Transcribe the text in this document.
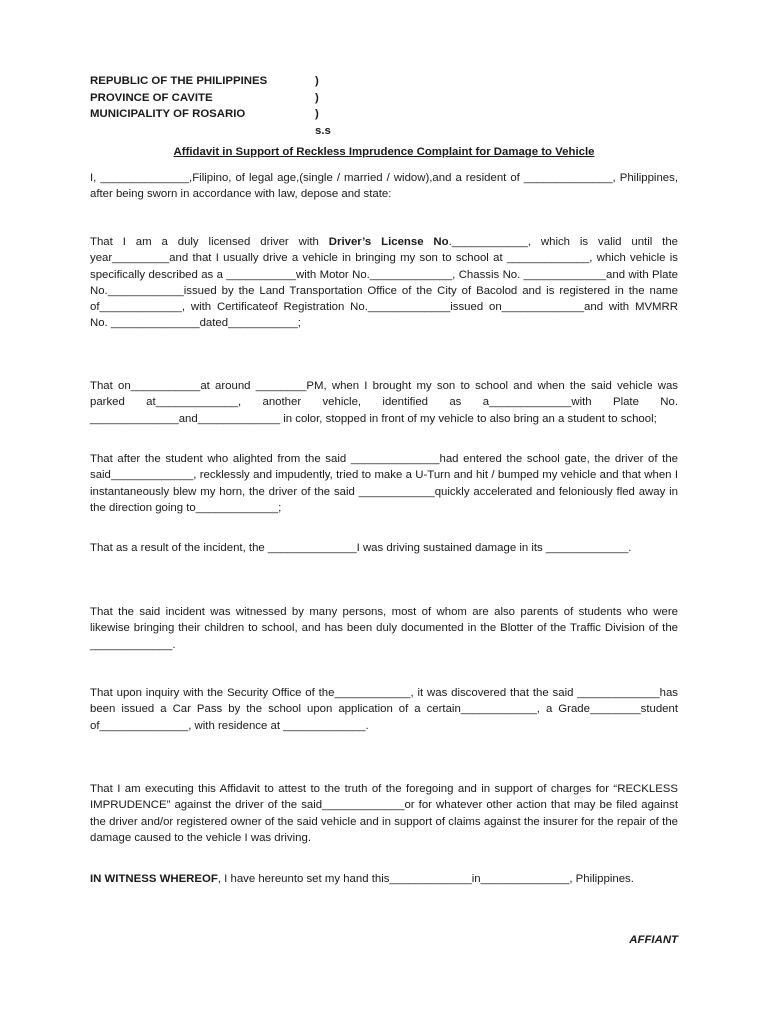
REPUBLIC OF THE PHILIPPINES	)
PROVINCE OF CAVITE	)
MUNICIPALITY OF ROSARIO	) s.s
Affidavit in Support of Reckless Imprudence Complaint for Damage to Vehicle

I, ______________,Filipino, of legal age,(single / married / widow),and a resident of ______________, Philippines, after being sworn in accordance with law, depose and state:

That I am a duly licensed driver with Driver’s License No.____________, which is valid until the year_________and that I usually drive a vehicle in bringing my son to school at _____________, which vehicle is specifically described as a ___________with Motor No._____________, Chassis No. _____________and with Plate No.____________issued by the Land Transportation Office of the City of Bacolod and is registered in the name of_____________, with Certificateof Registration No._____________issued on_____________and with MVMRR No. ______________dated___________;

That on___________at around ________PM, when I brought my son to school and when the said vehicle was parked at_____________, another vehicle, identified as a_____________with Plate No. ______________and_____________ in color, stopped in front of my vehicle to also bring an a student to school;

That after the student who alighted from the said ______________had entered the school gate, the driver of the said_____________, recklessly and impudently, tried to make a U-Turn and hit / bumped my vehicle and that when I instantaneously blew my horn, the driver of the said ____________quickly accelerated and feloniously fled away in the direction going to_____________;

That as a result of the incident, the ______________I was driving sustained damage in its _____________.

That the said incident was witnessed by many persons, most of whom are also parents of students who were likewise bringing their children to school, and has been duly documented in the Blotter of the Traffic Division of the _____________.

That upon inquiry with the Security Office of the____________, it was discovered that the said _____________has been issued a Car Pass by the school upon application of a certain____________, a Grade________student of______________, with residence at _____________.

That I am executing this Affidavit to attest to the truth of the foregoing and in support of charges for “RECKLESS IMPRUDENCE” against the driver of the said_____________or for whatever other action that may be filed against the driver and/or registered owner of the said vehicle and in support of claims against the insurer for the repair of the damage caused to the vehicle I was driving.

IN WITNESS WHEREOF, I have hereunto set my hand this_____________in______________, Philippines.

AFFIANT
